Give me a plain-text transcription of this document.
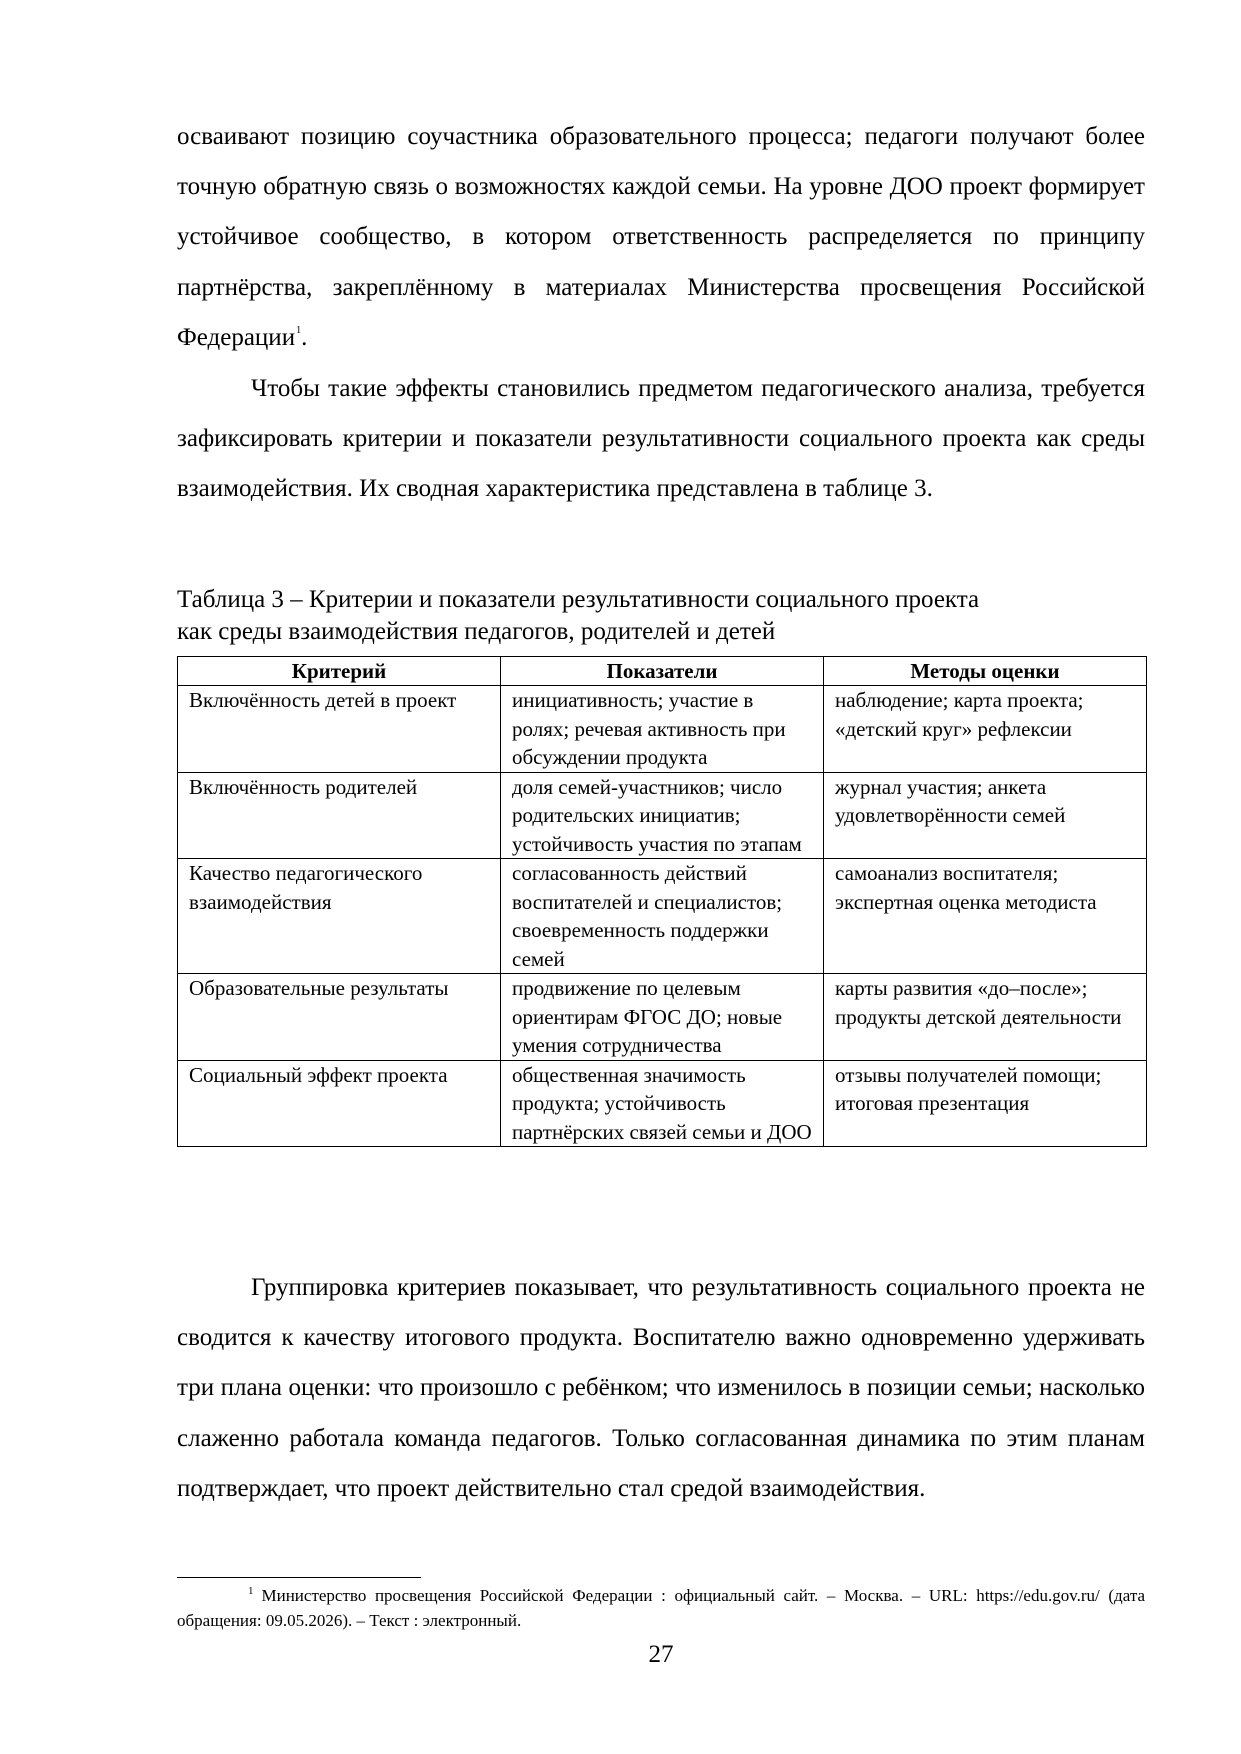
осваивают позицию соучастника образовательного процесса; педагоги получают более точную обратную связь о возможностях каждой семьи. На уровне ДОО проект формирует устойчивое сообщество, в котором ответственность распределяется по принципу партнёрства, закреплённому в материалах Министерства просвещения Российской Федерации$^1$.

Чтобы такие эффекты становились предметом педагогического анализа, требуется зафиксировать критерии и показатели результативности социального проекта как среды взаимодействия. Их сводная характеристика представлена в таблице 3.

Таблица 3 – Критерии и показатели результативности социального проекта
как среды взаимодействия педагогов, родителей и детей

Критерий	Показатели	Методы оценки
Включённость детей в проект	инициативность; участие в ролях; речевая активность при обсуждении продукта	наблюдение; карта проекта; «детский круг» рефлексии
Включённость родителей	доля семей-участников; число родительских инициатив; устойчивость участия по этапам	журнал участия; анкета удовлетворённости семей
Качество педагогического взаимодействия	согласованность действий воспитателей и специалистов; своевременность поддержки семей	самоанализ воспитателя; экспертная оценка методиста
Образовательные результаты	продвижение по целевым ориентирам ФГОС ДО; новые умения сотрудничества	карты развития «до–после»; продукты детской деятельности
Социальный эффект проекта	общественная значимость продукта; устойчивость партнёрских связей семьи и ДОО	отзывы получателей помощи; итоговая презентация

Группировка критериев показывает, что результативность социального проекта не сводится к качеству итогового продукта. Воспитателю важно одновременно удерживать три плана оценки: что произошло с ребёнком; что изменилось в позиции семьи; насколько слаженно работала команда педагогов. Только согласованная динамика по этим планам подтверждает, что проект действительно стал средой взаимодействия.

$^1$ Министерство просвещения Российской Федерации : официальный сайт. – Москва. – URL: https://edu.gov.ru/ (дата обращения: 09.05.2026). – Текст : электронный.

27
